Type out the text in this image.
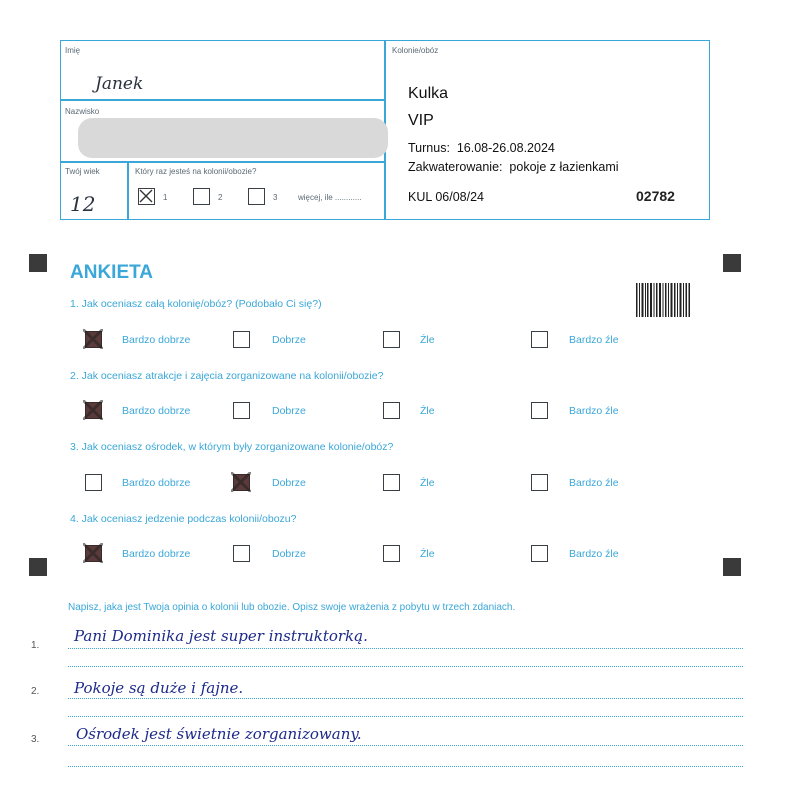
Imię
Janek
Nazwisko
Twój wiek
12
Który raz jesteś na kolonii/obozie?
1	2	3	więcej, ile ............
Kolonie/obóz
Kulka
VIP
Turnus:  16.08-26.08.2024
Zakwaterowanie:  pokoje z łazienkami
KUL 06/08/24	02782
ANKIETA
1. Jak oceniasz całą kolonię/obóz? (Podobało Ci się?)
Bardzo dobrze	Dobrze	Źle	Bardzo źle
2. Jak oceniasz atrakcje i zajęcia zorganizowane na kolonii/obozie?
Bardzo dobrze	Dobrze	Źle	Bardzo źle
3. Jak oceniasz ośrodek, w którym były zorganizowane kolonie/obóz?
Bardzo dobrze	Dobrze	Źle	Bardzo źle
4. Jak oceniasz jedzenie podczas kolonii/obozu?
Bardzo dobrze	Dobrze	Źle	Bardzo źle
Napisz, jaka jest Twoja opinia o kolonii lub obozie. Opisz swoje wrażenia z pobytu w trzech zdaniach.
1.
Pani Dominika jest super instruktorką.
2. Pokoje są duże i fajne.
3. Ośrodek jest świetnie zorganizowany.
